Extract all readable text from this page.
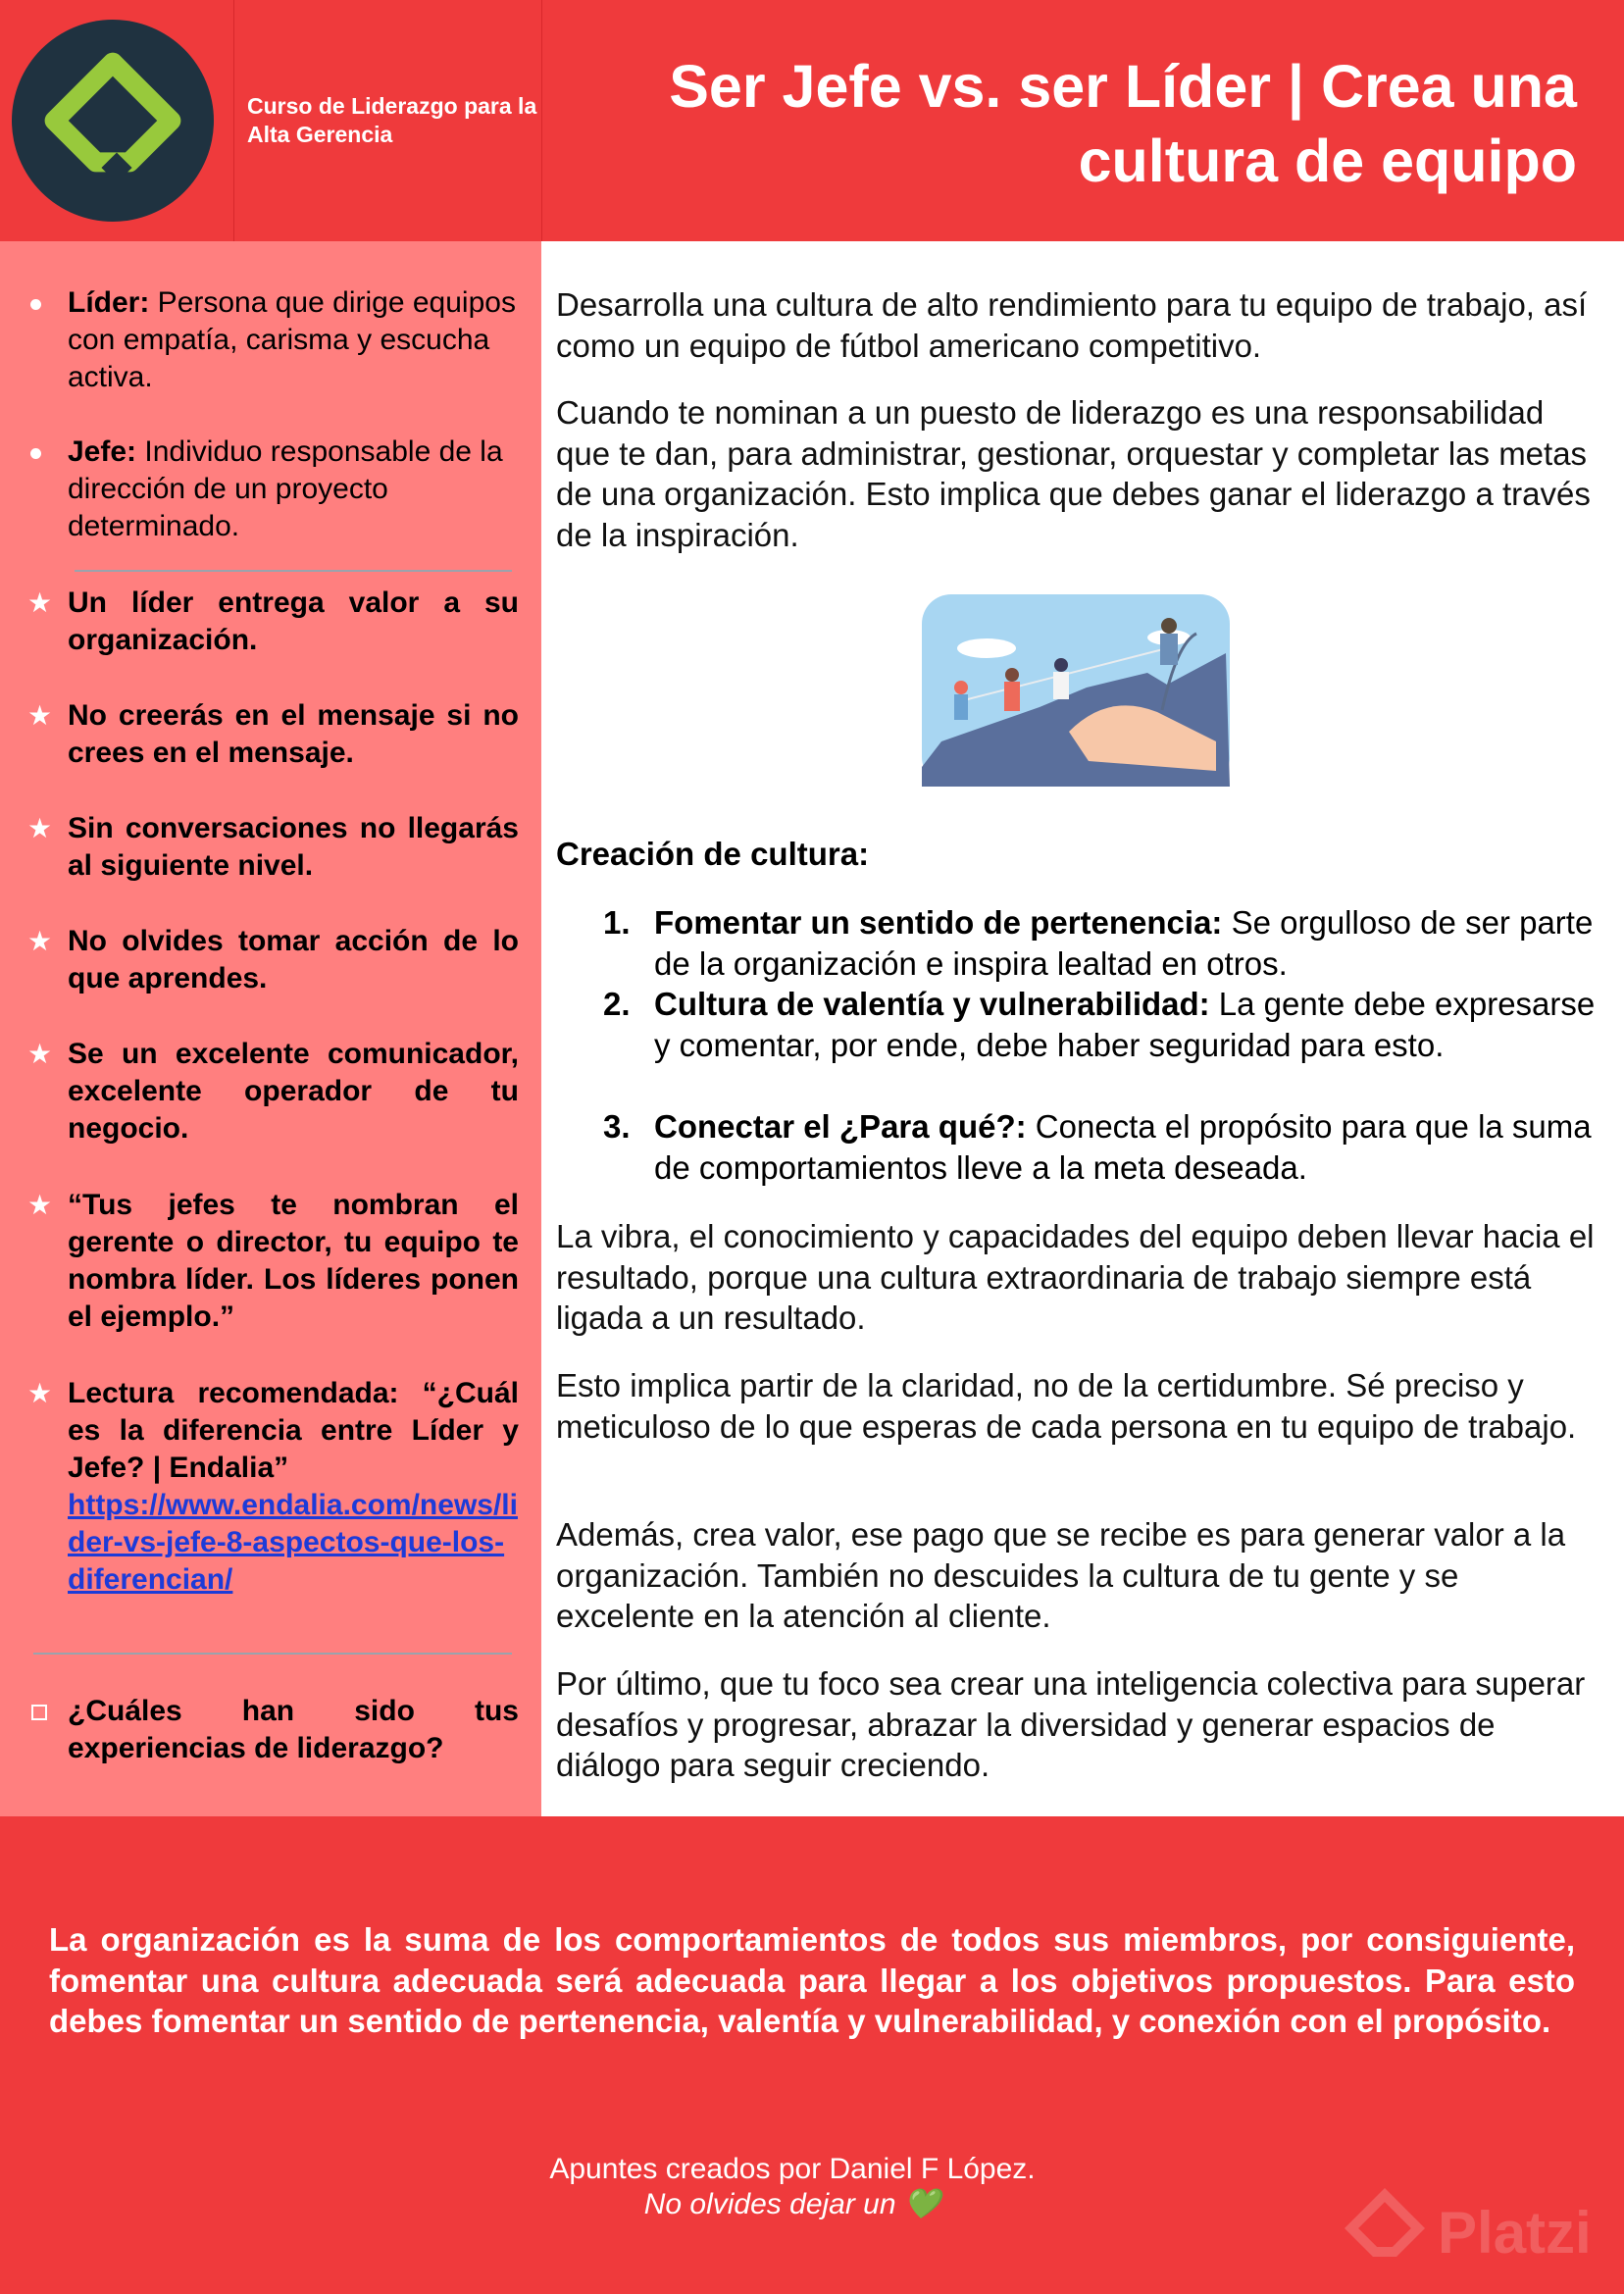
Curso de Liderazgo para la Alta Gerencia
Ser Jefe vs. ser Líder | Crea una
cultura de equipo
Líder: Persona que dirige equipos con empatía, carisma y escucha activa.
Jefe: Individuo responsable de la dirección de un proyecto determinado.
★ Un líder entrega valor a su organización.
★ No creerás en el mensaje si no crees en el mensaje.
★ Sin conversaciones no llegarás al siguiente nivel.
★ No olvides tomar acción de lo que aprendes.
★ Se un excelente comunicador, excelente operador de tu negocio.
★ “Tus jefes te nombran el gerente o director, tu equipo te nombra líder. Los líderes ponen el ejemplo.”
★ Lectura recomendada: “¿Cuál es la diferencia entre Líder y Jefe? | Endalia”
https://www.endalia.com/news/lider-vs-jefe-8-aspectos-que-los-diferencian/
¿Cuáles han sido tus experiencias de liderazgo?
Desarrolla una cultura de alto rendimiento para tu equipo de trabajo, así como un equipo de fútbol americano competitivo.
Cuando te nominan a un puesto de liderazgo es una responsabilidad que te dan, para administrar, gestionar, orquestar y completar las metas de una organización. Esto implica que debes ganar el liderazgo a través de la inspiración.
Creación de cultura:
1. Fomentar un sentido de pertenencia: Se orgulloso de ser parte de la organización e inspira lealtad en otros.
2. Cultura de valentía y vulnerabilidad: La gente debe expresarse y comentar, por ende, debe haber seguridad para esto.
3. Conectar el ¿Para qué?: Conecta el propósito para que la suma de comportamientos lleve a la meta deseada.
La vibra, el conocimiento y capacidades del equipo deben llevar hacia el resultado, porque una cultura extraordinaria de trabajo siempre está ligada a un resultado.
Esto implica partir de la claridad, no de la certidumbre. Sé preciso y meticuloso de lo que esperas de cada persona en tu equipo de trabajo.
Además, crea valor, ese pago que se recibe es para generar valor a la organización. También no descuides la cultura de tu gente y se excelente en la atención al cliente.
Por último, que tu foco sea crear una inteligencia colectiva para superar desafíos y progresar, abrazar la diversidad y generar espacios de diálogo para seguir creciendo.
La organización es la suma de los comportamientos de todos sus miembros, por consiguiente, fomentar una cultura adecuada será adecuada para llegar a los objetivos propuestos. Para esto debes fomentar un sentido de pertenencia, valentía y vulnerabilidad, y conexión con el propósito.
Apuntes creados por Daniel F López.
No olvides dejar un 💚	Platzi
